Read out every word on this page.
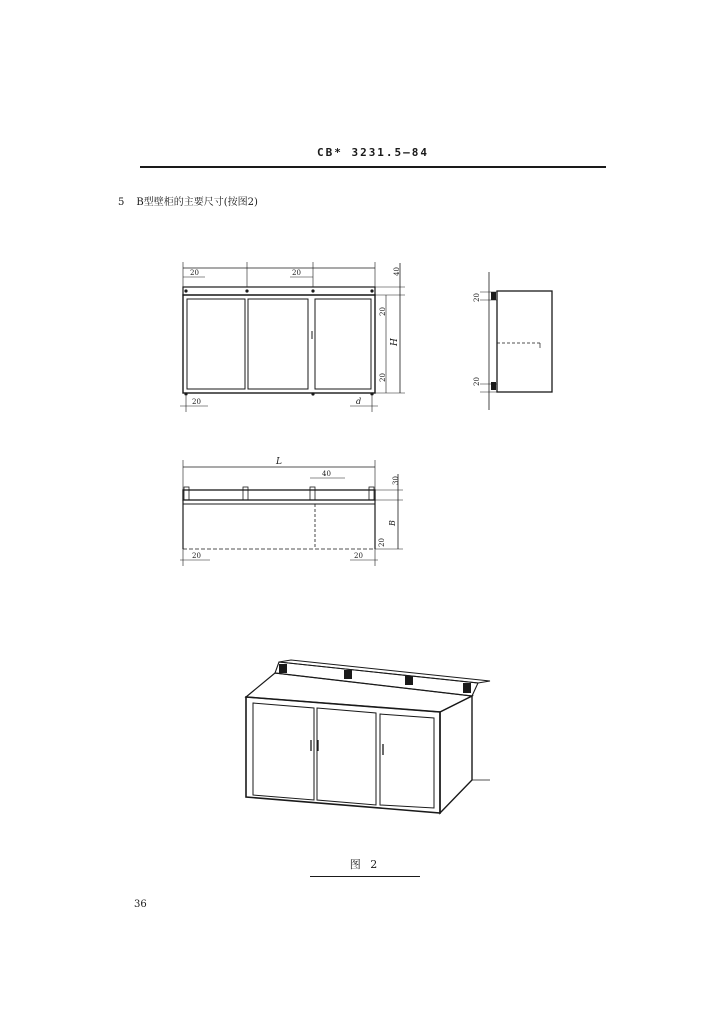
CB* 3231.5—84
5 B型壁柜的主要尺寸(按图2)
20	20	40
20
H
20
20	d
20
20
L
40
30
B
20
20	20
图 2
36
